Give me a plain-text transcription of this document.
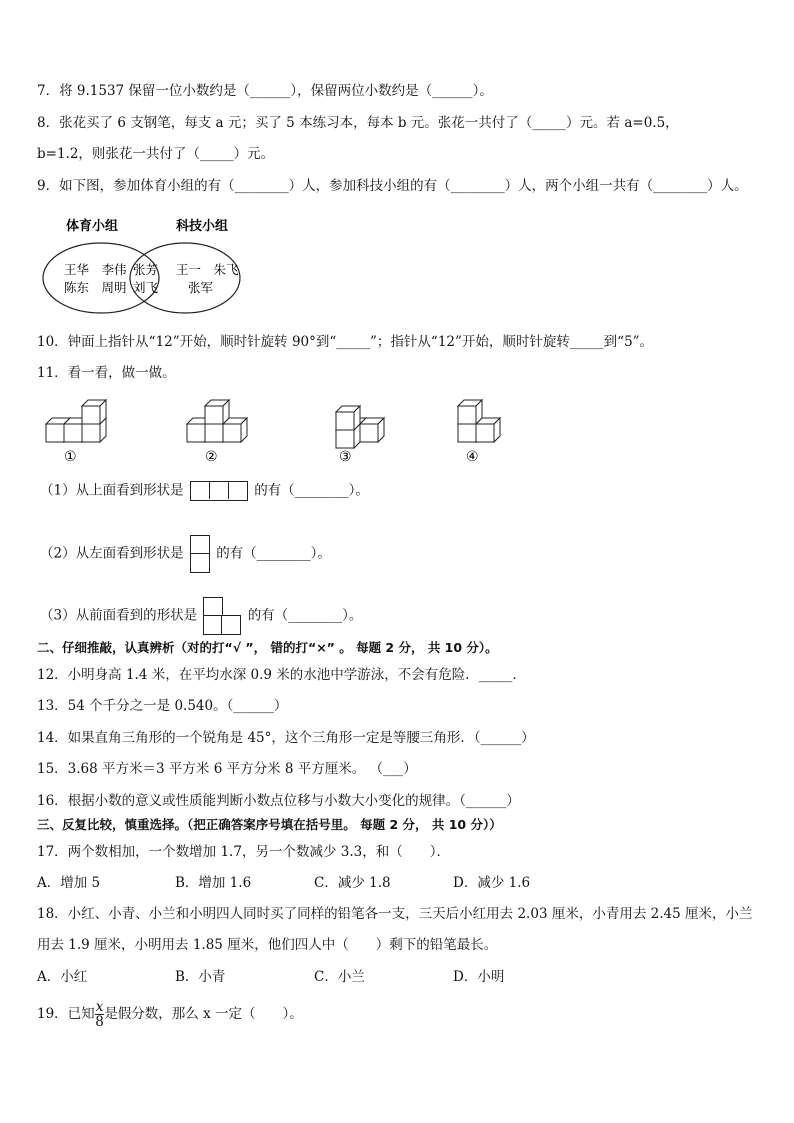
7．将 9.1537 保留一位小数约是（______），保留两位小数约是（______）。
8．张花买了 6 支钢笔，每支 a 元；买了 5 本练习本，每本 b 元。张花一共付了（_____）元。若 a=0.5，
b=1.2，则张花一共付了（_____）元。
9．如下图，参加体育小组的有（________）人，参加科技小组的有（________）人，两个小组一共有（________）人。
体育小组	科技小组
王华　李伟
陈东　周明
张芳
刘飞
王一　朱飞
张军
10．钟面上指针从“12”开始，顺时针旋转 90°到“_____”；指针从“12”开始，顺时针旋转_____到“5”。
11．看一看，做一做。
①	②	③	④
（1）从上面看到形状是	的有（________）。
（2）从左面看到形状是 的有（________）。
（3）从前面看到的形状是	的有（________）。
二、仔细推敲，认真辨析（对的打“√ ”， 错的打“×” 。 每题 2 分， 共 10 分）。
12．小明身高 1.4 米，在平均水深 0.9 米的水池中学游泳，不会有危险．_____．
13．54 个千分之一是 0.540。（______）
14．如果直角三角形的一个锐角是 45°，这个三角形一定是等腰三角形．（______）
15．3.68 平方米＝3 平方米 6 平方分米 8 平方厘米。 （___）
16．根据小数的意义或性质能判断小数点位移与小数大小变化的规律。（______）
三、反复比较，慎重选择。（把正确答案序号填在括号里。 每题 2 分， 共 10 分））
17．两个数相加，一个数增加 1.7，另一个数减少 3.3，和（　　）．
A．增加 5	B．增加 1.6	C．减少 1.8	D．减少 1.6
18．小红、小青、小兰和小明四人同时买了同样的铅笔各一支，三天后小红用去 2.03 厘米，小青用去 2.45 厘米，小兰
用去 1.9 厘米，小明用去 1.85 厘米，他们四人中（　　）剩下的铅笔最长。
A．小红	B．小青	C．小兰	D．小明
19．已知 $\frac{x}{8}$ 是假分数，那么 x 一定（　　）。
